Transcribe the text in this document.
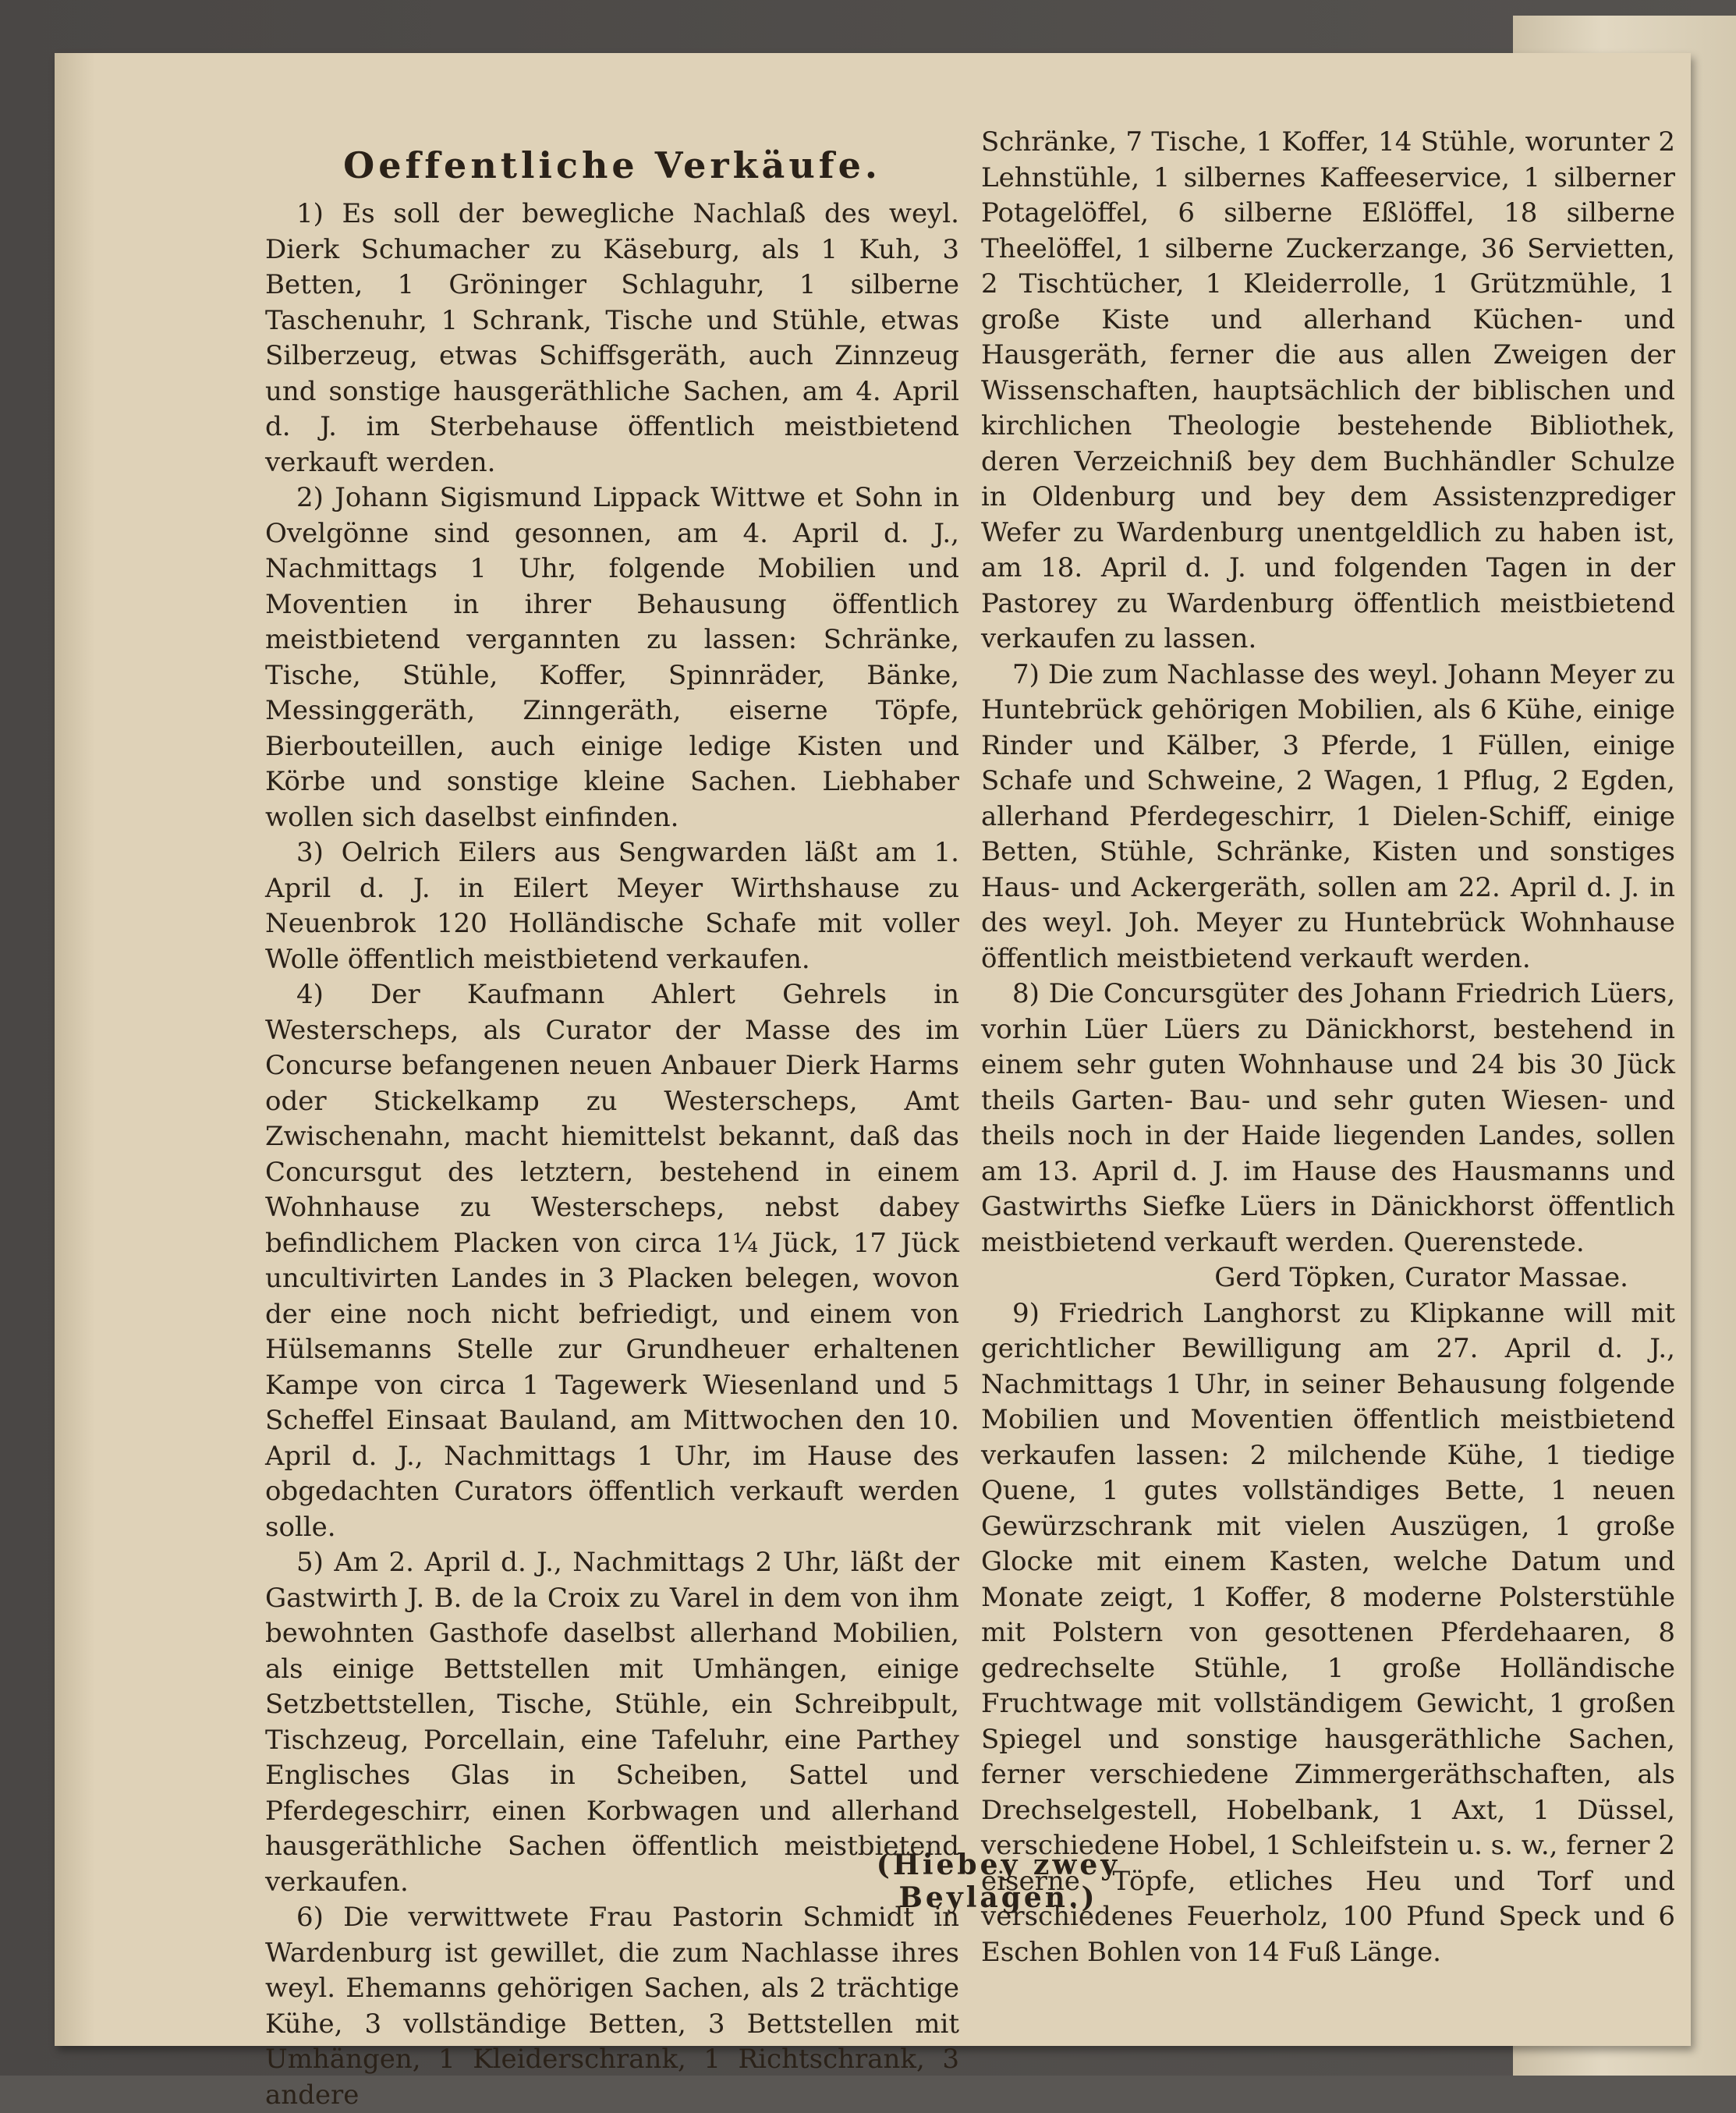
Oeffentliche Verkäufe.

1) Es soll der bewegliche Nachlaß des weyl. Dierk Schumacher zu Käseburg, als 1 Kuh, 3 Betten, 1 Gröninger Schlaguhr, 1 silberne Taschenuhr, 1 Schrank, Tische und Stühle, etwas Silberzeug, etwas Schiffsgeräth, auch Zinnzeug und sonstige hausgeräthliche Sachen, am 4. April d. J. im Sterbehause öffentlich meistbietend verkauft werden.

2) Johann Sigismund Lippack Wittwe et Sohn in Ovelgönne sind gesonnen, am 4. April d. J., Nachmittags 1 Uhr, folgende Mobilien und Moventien in ihrer Behausung öffentlich meistbietend vergannten zu lassen: Schränke, Tische, Stühle, Koffer, Spinnräder, Bänke, Messinggeräth, Zinngeräth, eiserne Töpfe, Bierbouteillen, auch einige ledige Kisten und Körbe und sonstige kleine Sachen. Liebhaber wollen sich daselbst einfinden.

3) Oelrich Eilers aus Sengwarden läßt am 1. April d. J. in Eilert Meyer Wirthshause zu Neuenbrok 120 Holländische Schafe mit voller Wolle öffentlich meistbietend verkaufen.

4) Der Kaufmann Ahlert Gehrels in Westerscheps, als Curator der Masse des im Concurse befangenen neuen Anbauer Dierk Harms oder Stickelkamp zu Westerscheps, Amt Zwischenahn, macht hiemittelst bekannt, daß das Concursgut des letztern, bestehend in einem Wohnhause zu Westerscheps, nebst dabey befindlichem Placken von circa 1¼ Jück, 17 Jück uncultivirten Landes in 3 Placken belegen, wovon der eine noch nicht befriedigt, und einem von Hülsemanns Stelle zur Grundheuer erhaltenen Kampe von circa 1 Tagewerk Wiesenland und 5 Scheffel Einsaat Bauland, am Mittwochen den 10. April d. J., Nachmittags 1 Uhr, im Hause des obgedachten Curators öffentlich verkauft werden solle.

5) Am 2. April d. J., Nachmittags 2 Uhr, läßt der Gastwirth J. B. de la Croix zu Varel in dem von ihm bewohnten Gasthofe daselbst allerhand Mobilien, als einige Bettstellen mit Umhängen, einige Setzbettstellen, Tische, Stühle, ein Schreibpult, Tischzeug, Porcellain, eine Tafeluhr, eine Parthey Englisches Glas in Scheiben, Sattel und Pferdegeschirr, einen Korbwagen und allerhand hausgeräthliche Sachen öffentlich meistbietend verkaufen.

6) Die verwittwete Frau Pastorin Schmidt in Wardenburg ist gewillet, die zum Nachlasse ihres weyl. Ehemanns gehörigen Sachen, als 2 trächtige Kühe, 3 vollständige Betten, 3 Bettstellen mit Umhängen, 1 Kleiderschrank, 1 Richtschrank, 3 andere

Schränke, 7 Tische, 1 Koffer, 14 Stühle, worunter 2 Lehnstühle, 1 silbernes Kaffeeservice, 1 silberner Potagelöffel, 6 silberne Eßlöffel, 18 silberne Theelöffel, 1 silberne Zuckerzange, 36 Servietten, 2 Tischtücher, 1 Kleiderrolle, 1 Grützmühle, 1 große Kiste und allerhand Küchen- und Hausgeräth, ferner die aus allen Zweigen der Wissenschaften, hauptsächlich der biblischen und kirchlichen Theologie bestehende Bibliothek, deren Verzeichniß bey dem Buchhändler Schulze in Oldenburg und bey dem Assistenzprediger Wefer zu Wardenburg unentgeldlich zu haben ist, am 18. April d. J. und folgenden Tagen in der Pastorey zu Wardenburg öffentlich meistbietend verkaufen zu lassen.

7) Die zum Nachlasse des weyl. Johann Meyer zu Huntebrück gehörigen Mobilien, als 6 Kühe, einige Rinder und Kälber, 3 Pferde, 1 Füllen, einige Schafe und Schweine, 2 Wagen, 1 Pflug, 2 Egden, allerhand Pferdegeschirr, 1 Dielen-Schiff, einige Betten, Stühle, Schränke, Kisten und sonstiges Haus- und Ackergeräth, sollen am 22. April d. J. in des weyl. Joh. Meyer zu Huntebrück Wohnhause öffentlich meistbietend verkauft werden.

8) Die Concursgüter des Johann Friedrich Lüers, vorhin Lüer Lüers zu Dänickhorst, bestehend in einem sehr guten Wohnhause und 24 bis 30 Jück theils Garten- Bau- und sehr guten Wiesen- und theils noch in der Haide liegenden Landes, sollen am 13. April d. J. im Hause des Hausmanns und Gastwirths Siefke Lüers in Dänickhorst öffentlich meistbietend verkauft werden. Querenstede.

Gerd Töpken, Curator Massae.

9) Friedrich Langhorst zu Klipkanne will mit gerichtlicher Bewilligung am 27. April d. J., Nachmittags 1 Uhr, in seiner Behausung folgende Mobilien und Moventien öffentlich meistbietend verkaufen lassen: 2 milchende Kühe, 1 tiedige Quene, 1 gutes vollständiges Bette, 1 neuen Gewürzschrank mit vielen Auszügen, 1 große Glocke mit einem Kasten, welche Datum und Monate zeigt, 1 Koffer, 8 moderne Polsterstühle mit Polstern von gesottenen Pferdehaaren, 8 gedrechselte Stühle, 1 große Holländische Fruchtwage mit vollständigem Gewicht, 1 großen Spiegel und sonstige hausgeräthliche Sachen, ferner verschiedene Zimmergeräthschaften, als Drechselgestell, Hobelbank, 1 Axt, 1 Düssel, verschiedene Hobel, 1 Schleifstein u. s. w., ferner 2 eiserne Töpfe, etliches Heu und Torf und verschiedenes Feuerholz, 100 Pfund Speck und 6 Eschen Bohlen von 14 Fuß Länge.

(Hiebey zwey Beylagen.)
